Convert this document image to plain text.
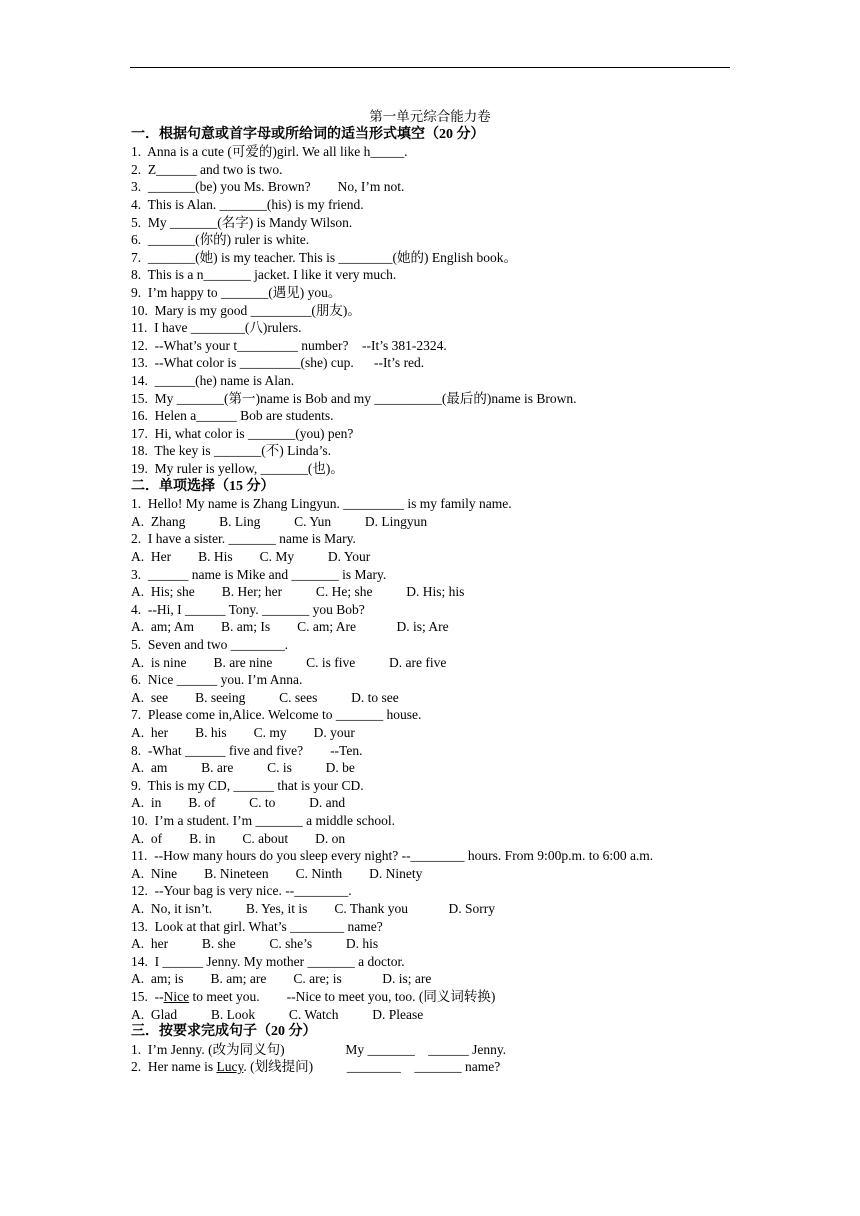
第一单元综合能力卷
一．根据句意或首字母或所给词的适当形式填空（20 分）
1.  Anna is a cute (可爱的)girl. We all like h_____.
2.  Z______ and two is two.
3.  _______(be) you Ms. Brown?        No, I’m not.
4.  This is Alan. _______(his) is my friend.
5.  My _______(名字) is Mandy Wilson.
6.  _______(你的) ruler is white.
7.  _______(她) is my teacher. This is ________(她的) English book。
8.  This is a n_______ jacket. I like it very much.
9.  I’m happy to _______(遇见) you。
10.  Mary is my good _________(朋友)。
11.  I have ________(八)rulers.
12.  --What’s your t_________ number?    --It’s 381-2324.
13.  --What color is _________(she) cup.      --It’s red.
14.  ______(he) name is Alan.
15.  My _______(第一)name is Bob and my __________(最后的)name is Brown.
16.  Helen a______ Bob are students.
17.  Hi, what color is _______(you) pen?
18.  The key is _______(不) Linda’s.
19.  My ruler is yellow, _______(也)。
二．单项选择（15 分）
1.  Hello! My name is Zhang Lingyun. _________ is my family name.
A.  Zhang          B. Ling          C. Yun          D. Lingyun
2.  I have a sister. _______ name is Mary.
A.  Her        B. His        C. My          D. Your
3.  ______ name is Mike and _______ is Mary.
A.  His; she        B. Her; her          C. He; she          D. His; his
4.  --Hi, I ______ Tony. _______ you Bob?
A.  am; Am        B. am; Is        C. am; Are            D. is; Are
5.  Seven and two ________.
A.  is nine        B. are nine          C. is five          D. are five
6.  Nice ______ you. I’m Anna.
A.  see        B. seeing          C. sees          D. to see
7.  Please come in,Alice. Welcome to _______ house.
A.  her        B. his        C. my        D. your
8.  -What ______ five and five?        --Ten.
A.  am          B. are          C. is          D. be
9.  This is my CD, ______ that is your CD.
A.  in        B. of          C. to          D. and
10.  I’m a student. I’m _______ a middle school.
A.  of        B. in        C. about        D. on
11.  --How many hours do you sleep every night? --________ hours. From 9:00p.m. to 6:00 a.m.
A.  Nine        B. Nineteen        C. Ninth        D. Ninety
12.  --Your bag is very nice. --________.
A.  No, it isn’t.          B. Yes, it is        C. Thank you            D. Sorry
13.  Look at that girl. What’s ________ name?
A.  her          B. she          C. she’s          D. his
14.  I ______ Jenny. My mother _______ a doctor.
A.  am; is        B. am; are        C. are; is            D. is; are
15.  --Nice to meet you.        --Nice to meet you, too. (同义词转换)
A.  Glad          B. Look          C. Watch          D. Please
三．按要求完成句子（20 分）
1.  I’m Jenny. (改为同义句)                  My _______    ______ Jenny.
2.  Her name is Lucy. (划线提问)          ________    _______ name?
